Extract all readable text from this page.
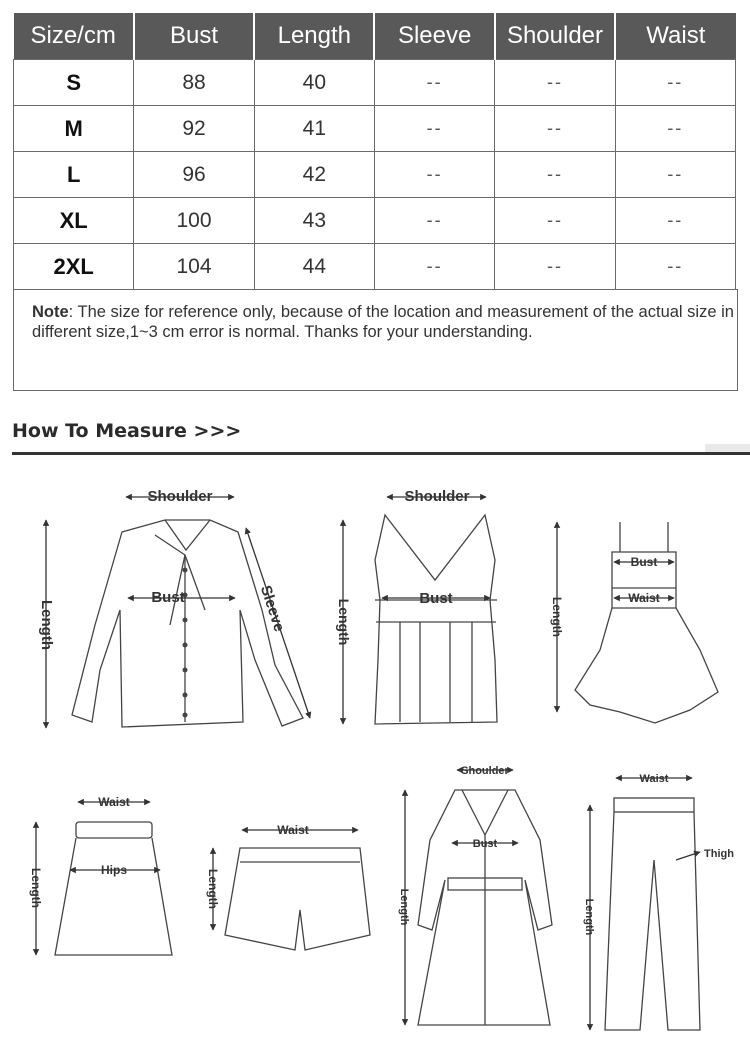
Size/cm	Bust	Length	Sleeve	Shoulder	Waist
S	88	40	--	--	--
M	92	41	--	--	--
L	96	42	--	--	--
XL	100	43	--	--	--
2XL	104	44	--	--	--
Note: The size for reference only, because of the location and measurement of the actual size in different size,1~3 cm error is normal. Thanks for your understanding.
How To Measure >>>
Shoulder
Length
Bust	Sleeve
Shoulder
Length
Bust	Length
Bust
Waist
Waist
Length	Hips
Waist
Length
Shoulder
Length
Bust
Waist
Length
Thigh
